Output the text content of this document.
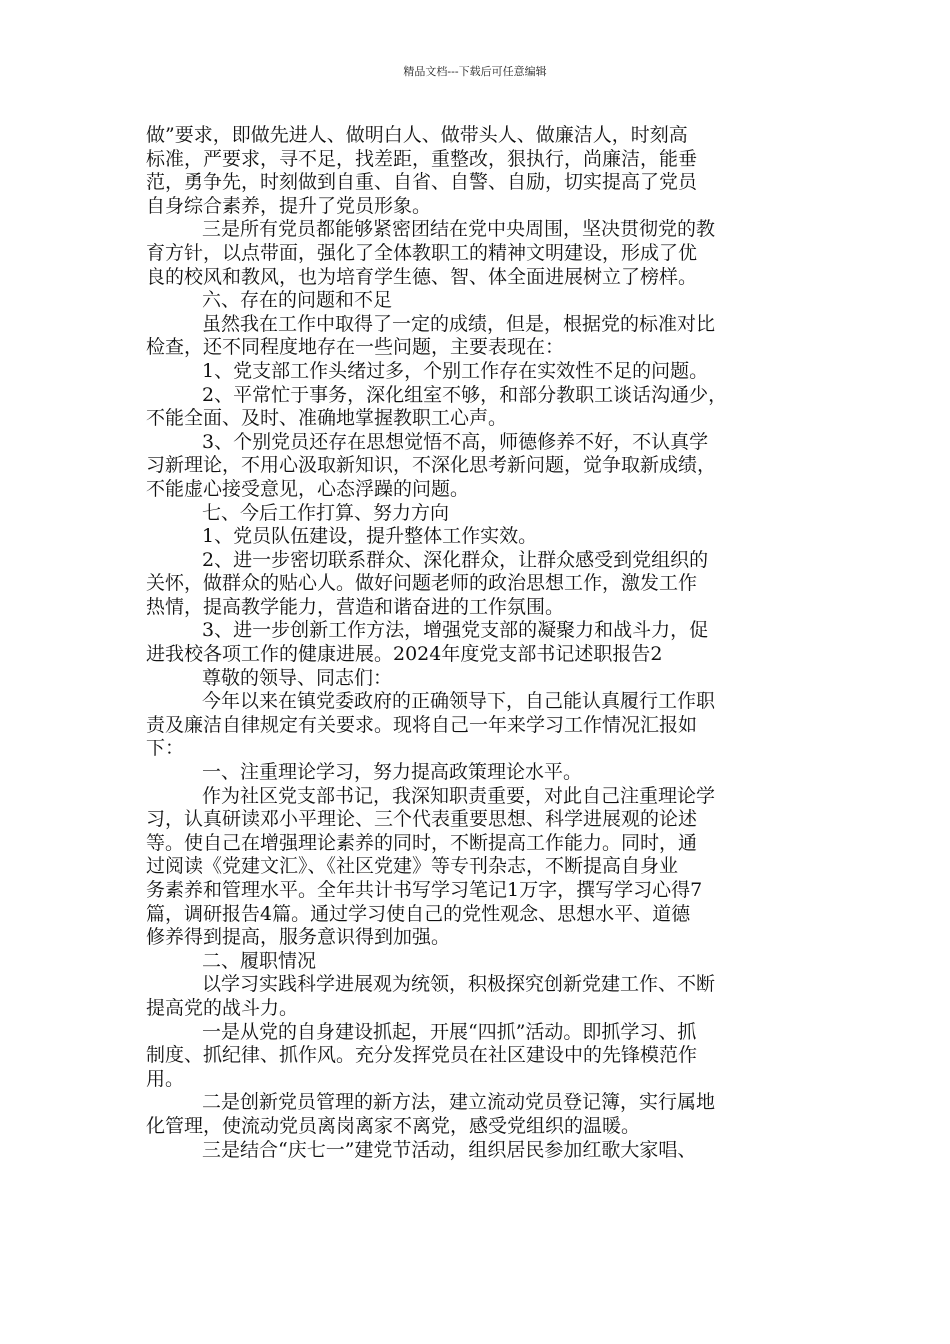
精品文档---下载后可任意编辑
做”要求，即做先进人、做明白人、做带头人、做廉洁人，时刻高
标准，严要求，寻不足，找差距，重整改，狠执行，尚廉洁，能垂
范，勇争先，时刻做到自重、自省、自警、自励，切实提高了党员
自身综合素养，提升了党员形象。
三是所有党员都能够紧密团结在党中央周围，坚决贯彻党的教
育方针，以点带面，强化了全体教职工的精神文明建设，形成了优
良的校风和教风，也为培育学生德、智、体全面进展树立了榜样。
六、存在的问题和不足
虽然我在工作中取得了一定的成绩，但是，根据党的标准对比
检查，还不同程度地存在一些问题，主要表现在：
1、党支部工作头绪过多，个别工作存在实效性不足的问题。
2、平常忙于事务，深化组室不够，和部分教职工谈话沟通少，
不能全面、及时、准确地掌握教职工心声。
3、个别党员还存在思想觉悟不高，师德修养不好，不认真学
习新理论，不用心汲取新知识，不深化思考新问题，觉争取新成绩，
不能虚心接受意见，心态浮躁的问题。
七、今后工作打算、努力方向
1、党员队伍建设，提升整体工作实效。
2、进一步密切联系群众、深化群众，让群众感受到党组织的
关怀，做群众的贴心人。做好问题老师的政治思想工作，激发工作
热情，提高教学能力，营造和谐奋进的工作氛围。
3、进一步创新工作方法，增强党支部的凝聚力和战斗力，促
进我校各项工作的健康进展。2024年度党支部书记述职报告2
尊敬的领导、同志们：
今年以来在镇党委政府的正确领导下，自己能认真履行工作职
责及廉洁自律规定有关要求。现将自己一年来学习工作情况汇报如
下：
一、注重理论学习，努力提高政策理论水平。
作为社区党支部书记，我深知职责重要，对此自己注重理论学
习，认真研读邓小平理论、三个代表重要思想、科学进展观的论述
等。使自己在增强理论素养的同时，不断提高工作能力。同时，通
过阅读《党建文汇》、《社区党建》等专刊杂志，不断提高自身业
务素养和管理水平。全年共计书写学习笔记1万字，撰写学习心得7
篇，调研报告4篇。通过学习使自己的党性观念、思想水平、道德
修养得到提高，服务意识得到加强。
二、履职情况
以学习实践科学进展观为统领，积极探究创新党建工作、不断
提高党的战斗力。
一是从党的自身建设抓起，开展“四抓”活动。即抓学习、抓
制度、抓纪律、抓作风。充分发挥党员在社区建设中的先锋模范作
用。
二是创新党员管理的新方法，建立流动党员登记簿，实行属地
化管理，使流动党员离岗离家不离党，感受党组织的温暖。
三是结合“庆七一”建党节活动，组织居民参加红歌大家唱、
